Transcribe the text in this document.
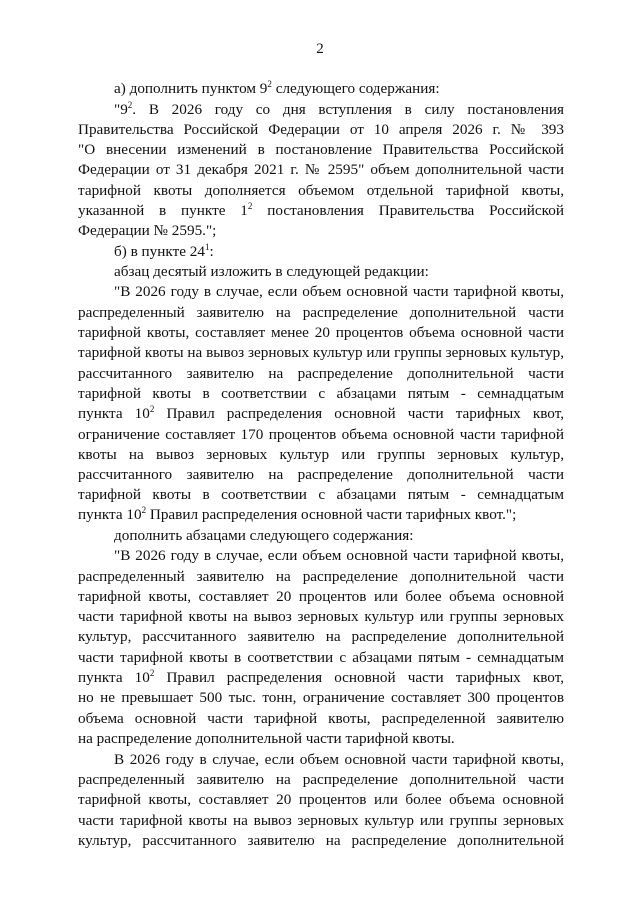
2
а) дополнить пунктом $9^2$ следующего содержания:
"$9^2$. В 2026 году со дня вступления в силу постановления
Правительства Российской Федерации от 10 апреля 2026 г. № 393
"О внесении изменений в постановление Правительства Российской
Федерации от 31 декабря 2021 г. № 2595" объем дополнительной части
тарифной квоты дополняется объемом отдельной тарифной квоты,
указанной в пункте $1^2$ постановления Правительства Российской
Федерации № 2595.";
б) в пункте $24^1$:
абзац десятый изложить в следующей редакции:
"В 2026 году в случае, если объем основной части тарифной квоты,
распределенный заявителю на распределение дополнительной части
тарифной квоты, составляет менее 20 процентов объема основной части
тарифной квоты на вывоз зерновых культур или группы зерновых культур,
рассчитанного заявителю на распределение дополнительной части
тарифной квоты в соответствии с абзацами пятым - семнадцатым
пункта $10^2$ Правил распределения основной части тарифных квот,
ограничение составляет 170 процентов объема основной части тарифной
квоты на вывоз зерновых культур или группы зерновых культур,
рассчитанного заявителю на распределение дополнительной части
тарифной квоты в соответствии с абзацами пятым - семнадцатым
пункта $10^2$ Правил распределения основной части тарифных квот.";
дополнить абзацами следующего содержания:
"В 2026 году в случае, если объем основной части тарифной квоты,
распределенный заявителю на распределение дополнительной части
тарифной квоты, составляет 20 процентов или более объема основной
части тарифной квоты на вывоз зерновых культур или группы зерновых
культур, рассчитанного заявителю на распределение дополнительной
части тарифной квоты в соответствии с абзацами пятым - семнадцатым
пункта $10^2$ Правил распределения основной части тарифных квот,
но не превышает 500 тыс. тонн, ограничение составляет 300 процентов
объема основной части тарифной квоты, распределенной заявителю
на распределение дополнительной части тарифной квоты.
В 2026 году в случае, если объем основной части тарифной квоты,
распределенный заявителю на распределение дополнительной части
тарифной квоты, составляет 20 процентов или более объема основной
части тарифной квоты на вывоз зерновых культур или группы зерновых
культур, рассчитанного заявителю на распределение дополнительной
